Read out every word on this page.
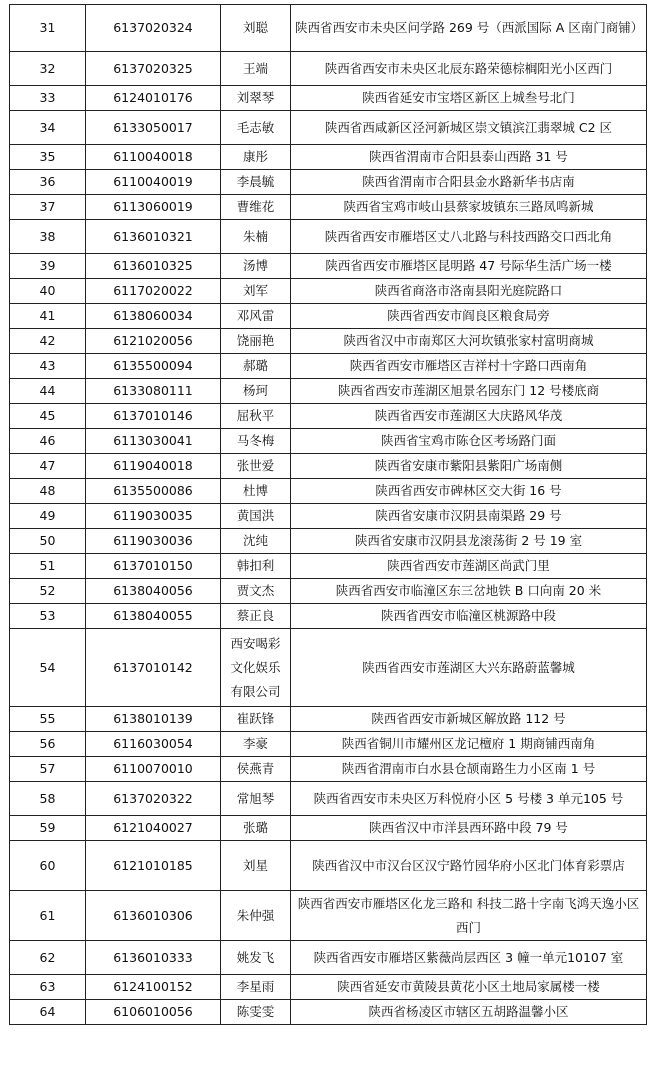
31	6137020324	刘聪	陕西省西安市未央区问学路 269 号（西派国际 A 区南门商铺）
32	6137020325	王端	陕西省西安市未央区北辰东路荣德棕榈阳光小区西门
33	6124010176	刘翠琴	陕西省延安市宝塔区新区上城叁号北门
34	6133050017	毛志敏	陕西省西咸新区泾河新城区崇文镇滨江翡翠城 C2 区
35	6110040018	康彤	陕西省渭南市合阳县泰山西路 31 号
36	6110040019	李晨毓	陕西省渭南市合阳县金水路新华书店南
37	6113060019	曹维花	陕西省宝鸡市岐山县蔡家坡镇东三路凤鸣新城
38	6136010321	朱楠	陕西省西安市雁塔区丈八北路与科技西路交口西北角
39	6136010325	汤博	陕西省西安市雁塔区昆明路 47 号际华生活广场一楼
40	6117020022	刘军	陕西省商洛市洛南县阳光庭院路口
41	6138060034	邓风雷	陕西省西安市阎良区粮食局旁
42	6121020056	饶丽艳	陕西省汉中市南郑区大河坎镇张家村富明商城
43	6135500094	郝璐	陕西省西安市雁塔区吉祥村十字路口西南角
44	6133080111	杨珂	陕西省西安市莲湖区旭景名园东门 12 号楼底商
45	6137010146	屈秋平	陕西省西安市莲湖区大庆路风华茂
46	6113030041	马冬梅	陕西省宝鸡市陈仓区考场路门面
47	6119040018	张世爱	陕西省安康市紫阳县紫阳广场南侧
48	6135500086	杜博	陕西省西安市碑林区交大街 16 号
49	6119030035	黄国洪	陕西省安康市汉阴县南渠路 29 号
50	6119030036	沈纯	陕西省安康市汉阴县龙滚荡街 2 号 19 室
51	6137010150	韩扣利	陕西省西安市莲湖区尚武门里
52	6138040056	贾文杰	陕西省西安市临潼区东三岔地铁 B 口向南 20 米
53	6138040055	蔡正良	陕西省西安市临潼区桃源路中段
54	6137010142	西安喝彩文化娱乐有限公司	陕西省西安市莲湖区大兴东路蔚蓝馨城
55	6138010139	崔跃锋	陕西省西安市新城区解放路 112 号
56	6116030054	李豪	陕西省铜川市耀州区龙记檀府 1 期商铺西南角
57	6110070010	侯燕青	陕西省渭南市白水县仓颉南路生力小区南 1 号
58	6137020322	常旭琴	陕西省西安市未央区万科悦府小区 5 号楼 3 单元105 号
59	6121040027	张璐	陕西省汉中市洋县西环路中段 79 号
60	6121010185	刘星	陕西省汉中市汉台区汉宁路竹园华府小区北门体育彩票店
61	6136010306	朱仲强	陕西省西安市雁塔区化龙三路和 科技二路十字南飞鸿天逸小区西门
62	6136010333	姚发飞	陕西省西安市雁塔区紫薇尚层西区 3 幢一单元10107 室
63	6124100152	李星雨	陕西省延安市黄陵县黄花小区土地局家属楼一楼
64	6106010056	陈雯雯	陕西省杨凌区市辖区五胡路温馨小区
